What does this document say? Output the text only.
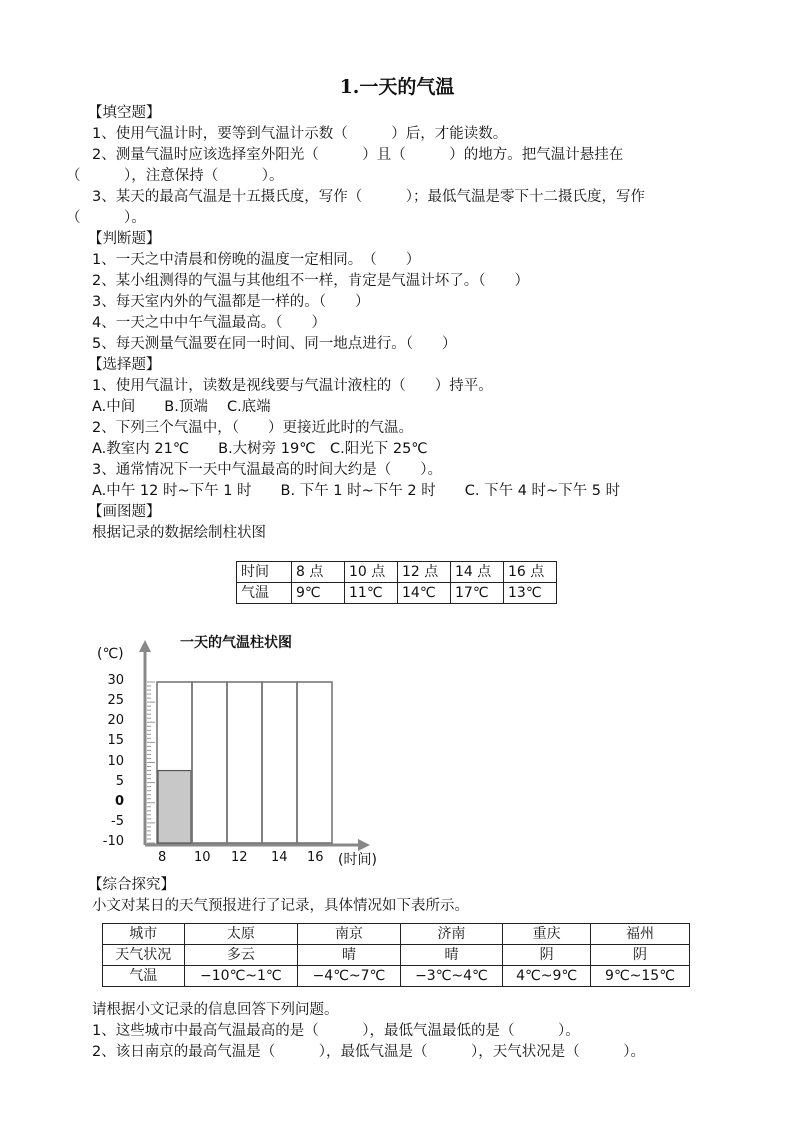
1.一天的气温
【填空题】
1、使用气温计时，要等到气温计示数（　　　）后，才能读数。
2、测量气温时应该选择室外阳光（　　　）且（　　　）的地方。把气温计悬挂在
（　　　），注意保持（　　　）。
3、某天的最高气温是十五摄氏度，写作（　　　）；最低气温是零下十二摄氏度，写作
（　　　）。
【判断题】
1、一天之中清晨和傍晚的温度一定相同。　（　　）
2、某小组测得的气温与其他组不一样，肯定是气温计坏了。（　　）
3、每天室内外的气温都是一样的。（　　）
4、一天之中中午气温最高。（　　）
5、每天测量气温要在同一时间、同一地点进行。（　　）
【选择题】
1、使用气温计，读数是视线要与气温计液柱的（　　）持平。
A.中间　　B.顶端　 C.底端
2、下列三个气温中，（　　）更接近此时的气温。
A.教室内 21℃　　B.大树旁 19℃　C.阳光下 25℃
3、通常情况下一天中气温最高的时间大约是（　　）。
A.中午 12 时~下午 1 时　　B. 下午 1 时~下午 2 时　　C. 下午 4 时~下午 5 时
【画图题】
根据记录的数据绘制柱状图
时间	8 点	10 点	12 点	14 点	16 点
气温	9℃	11℃	14℃	17℃	13℃
一天的气温柱状图
(℃)
(时间)
30
25
20
15
10
5
0
-5
-10
8 10 12 14 16
【综合探究】
小文对某日的天气预报进行了记录，具体情况如下表所示。
城市	太原	南京	济南	重庆	福州
天气状况	多云	晴	晴	阴	阴
气温	−10℃~1℃	−4℃~7℃	−3℃~4℃	4℃~9℃	9℃~15℃
请根据小文记录的信息回答下列问题。
1、这些城市中最高气温最高的是（　　　），最低气温最低的是（　　　）。
2、该日南京的最高气温是（　　　），最低气温是（　　　），天气状况是（　　　）。
